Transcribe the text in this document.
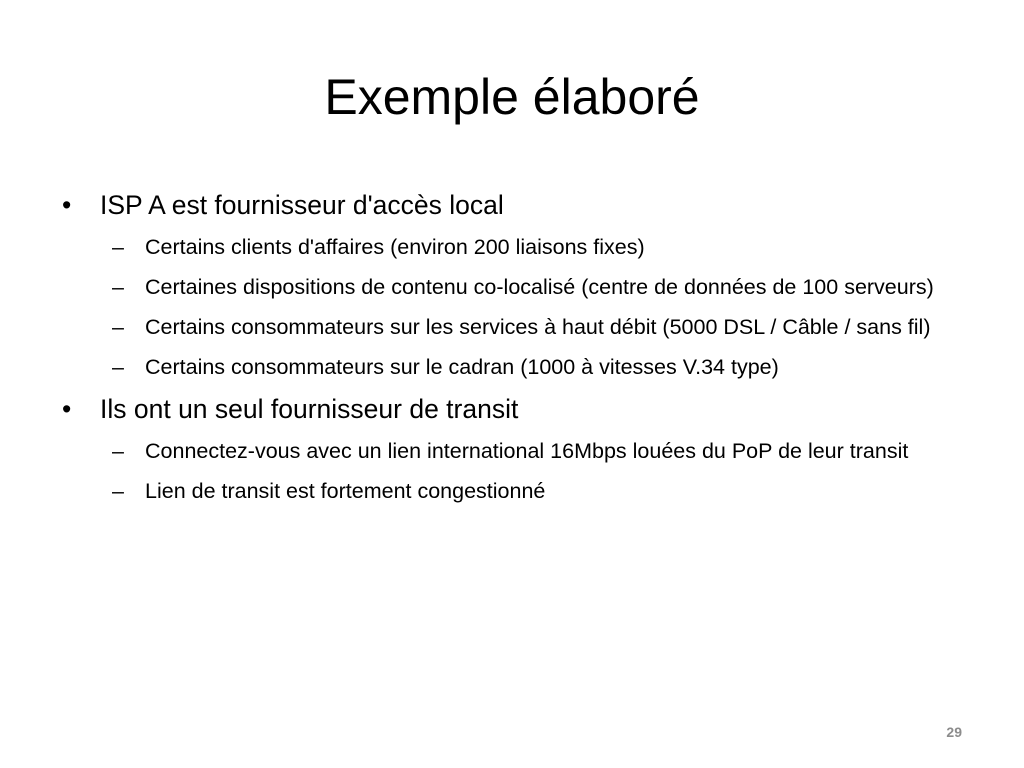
Exemple élaboré
•	ISP A est fournisseur d'accès local
– Certains clients d'affaires (environ 200 liaisons fixes)
– Certaines dispositions de contenu co-localisé (centre de données de 100 serveurs)
– Certains consommateurs sur les services à haut débit (5000 DSL / Câble / sans fil)
– Certains consommateurs sur le cadran (1000 à vitesses V.34 type)
•	Ils ont un seul fournisseur de transit
– Connectez-vous avec un lien international 16Mbps louées du PoP de leur transit
– Lien de transit est fortement congestionné
29
